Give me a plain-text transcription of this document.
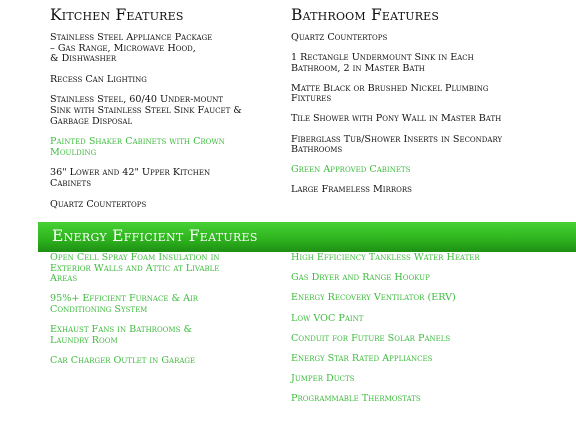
Kitchen Features	Bathroom Features

Stainless Steel Appliance Package
– Gas Range, Microwave Hood,
& Dishwasher

Recess Can Lighting

Stainless Steel, 60/40 Under-mount
Sink with Stainless Steel Sink Faucet &
Garbage Disposal

Painted Shaker Cabinets with Crown
Moulding

36" Lower and 42" Upper Kitchen
Cabinets

Quartz Countertops

Quartz Countertops

1 Rectangle Undermount Sink in Each
Bathroom, 2 in Master Bath

Matte Black or Brushed Nickel Plumbing
Fixtures

Tile Shower with Pony Wall in Master Bath

Fiberglass Tub/Shower Inserts in Secondary
Bathrooms

Green Approved Cabinets

Large Frameless Mirrors

Energy Efficient Features

Open Cell Spray Foam Insulation in
Exterior Walls and Attic at Livable
Areas

95%+ Efficient Furnace & Air
Conditioning System

Exhaust Fans in Bathrooms &
Laundry Room

Car Charger Outlet in Garage

High Efficiency Tankless Water Heater

Gas Dryer and Range Hookup

Energy Recovery Ventilator (ERV)

Low VOC Paint

Conduit for Future Solar Panels

Energy Star Rated Appliances

Jumper Ducts

Programmable Thermostats
